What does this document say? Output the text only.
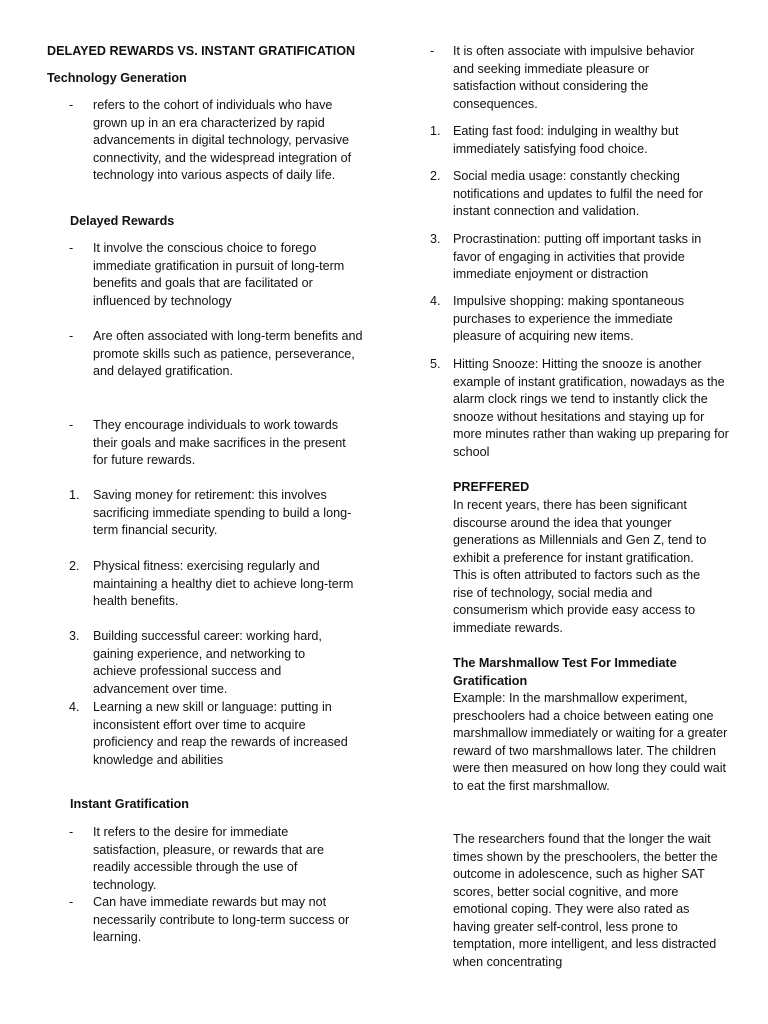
DELAYED REWARDS VS. INSTANT GRATIFICATION
Technology Generation
- refers to the cohort of individuals who have grown up in an era characterized by rapid advancements in digital technology, pervasive connectivity, and the widespread integration of technology into various aspects of daily life.
Delayed Rewards
- It involve the conscious choice to forego immediate gratification in pursuit of long-term benefits and goals that are facilitated or influenced by technology
- Are often associated with long-term benefits and promote skills such as patience, perseverance, and delayed gratification.
- They encourage individuals to work towards their goals and make sacrifices in the present for future rewards.
1. Saving money for retirement: this involves sacrificing immediate spending to build a long-term financial security.
2. Physical fitness: exercising regularly and maintaining a healthy diet to achieve long-term health benefits.
3. Building successful career: working hard, gaining experience, and networking to achieve professional success and advancement over time.
4. Learning a new skill or language: putting in inconsistent effort over time to acquire proficiency and reap the rewards of increased knowledge and abilities
Instant Gratification
- It refers to the desire for immediate satisfaction, pleasure, or rewards that are readily accessible through the use of technology.
- Can have immediate rewards but may not necessarily contribute to long-term success or learning.
- It is often associate with impulsive behavior and seeking immediate pleasure or satisfaction without considering the consequences.
1. Eating fast food: indulging in wealthy but immediately satisfying food choice.
2. Social media usage: constantly checking notifications and updates to fulfil the need for instant connection and validation.
3. Procrastination: putting off important tasks in favor of engaging in activities that provide immediate enjoyment or distraction
4. Impulsive shopping: making spontaneous purchases to experience the immediate pleasure of acquiring new items.
5. Hitting Snooze: Hitting the snooze is another example of instant gratification, nowadays as the alarm clock rings we tend to instantly click the snooze without hesitations and staying up for more minutes rather than waking up preparing for school
PREFFERED
In recent years, there has been significant discourse around the idea that younger generations as Millennials and Gen Z, tend to exhibit a preference for instant gratification. This is often attributed to factors such as the rise of technology, social media and consumerism which provide easy access to immediate rewards.
The Marshmallow Test For Immediate Gratification
Example: In the marshmallow experiment, preschoolers had a choice between eating one marshmallow immediately or waiting for a greater reward of two marshmallows later. The children were then measured on how long they could wait to eat the first marshmallow.
The researchers found that the longer the wait times shown by the preschoolers, the better the outcome in adolescence, such as higher SAT scores, better social cognitive, and more emotional coping. They were also rated as having greater self-control, less prone to temptation, more intelligent, and less distracted when concentrating
